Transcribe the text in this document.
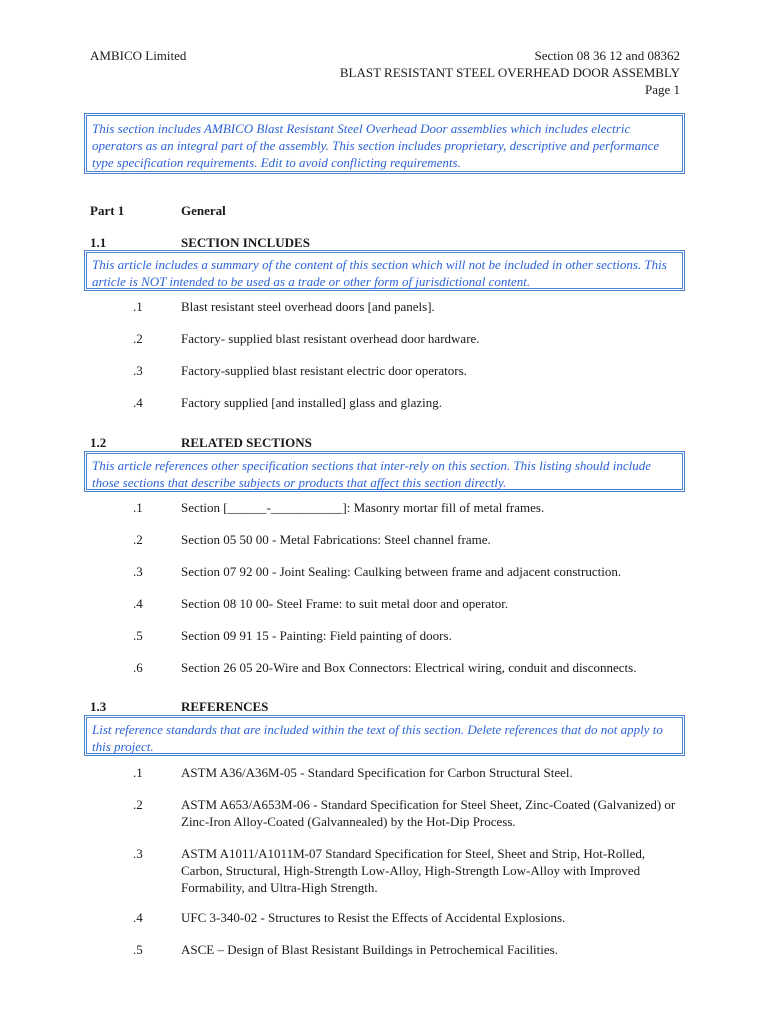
AMBICO Limited	Section 08 36 12 and 08362
BLAST RESISTANT STEEL OVERHEAD DOOR ASSEMBLY
Page 1
This section includes AMBICO Blast Resistant Steel Overhead Door assemblies which includes electric operators as an integral part of the assembly. This section includes proprietary, descriptive and performance type specification requirements. Edit to avoid conflicting requirements.
Part 1	General
1.1	SECTION INCLUDES
This article includes a summary of the content of this section which will not be included in other sections. This article is NOT intended to be used as a trade or other form of jurisdictional content.
.1	Blast resistant steel overhead doors [and panels].
.2	Factory- supplied blast resistant overhead door hardware.
.3	Factory-supplied blast resistant electric door operators.
.4	Factory supplied [and installed] glass and glazing.
1.2	RELATED SECTIONS
This article references other specification sections that inter-rely on this section. This listing should include those sections that describe subjects or products that affect this section directly.
.1	Section [______-___________]: Masonry mortar fill of metal frames.
.2	Section 05 50 00 - Metal Fabrications: Steel channel frame.
.3	Section 07 92 00 - Joint Sealing: Caulking between frame and adjacent construction.
.4	Section 08 10 00- Steel Frame: to suit metal door and operator.
.5	Section 09 91 15 - Painting: Field painting of doors.
.6	Section 26 05 20-Wire and Box Connectors: Electrical wiring, conduit and disconnects.
1.3	REFERENCES
List reference standards that are included within the text of this section. Delete references that do not apply to this project.
.1	ASTM A36/A36M-05 - Standard Specification for Carbon Structural Steel.
.2	ASTM A653/A653M-06 - Standard Specification for Steel Sheet, Zinc-Coated (Galvanized) or Zinc-Iron Alloy-Coated (Galvannealed) by the Hot-Dip Process.
.3	ASTM A1011/A1011M-07 Standard Specification for Steel, Sheet and Strip, Hot-Rolled, Carbon, Structural, High-Strength Low-Alloy, High-Strength Low-Alloy with Improved Formability, and Ultra-High Strength.
.4	UFC 3-340-02 - Structures to Resist the Effects of Accidental Explosions.
.5	ASCE – Design of Blast Resistant Buildings in Petrochemical Facilities.
